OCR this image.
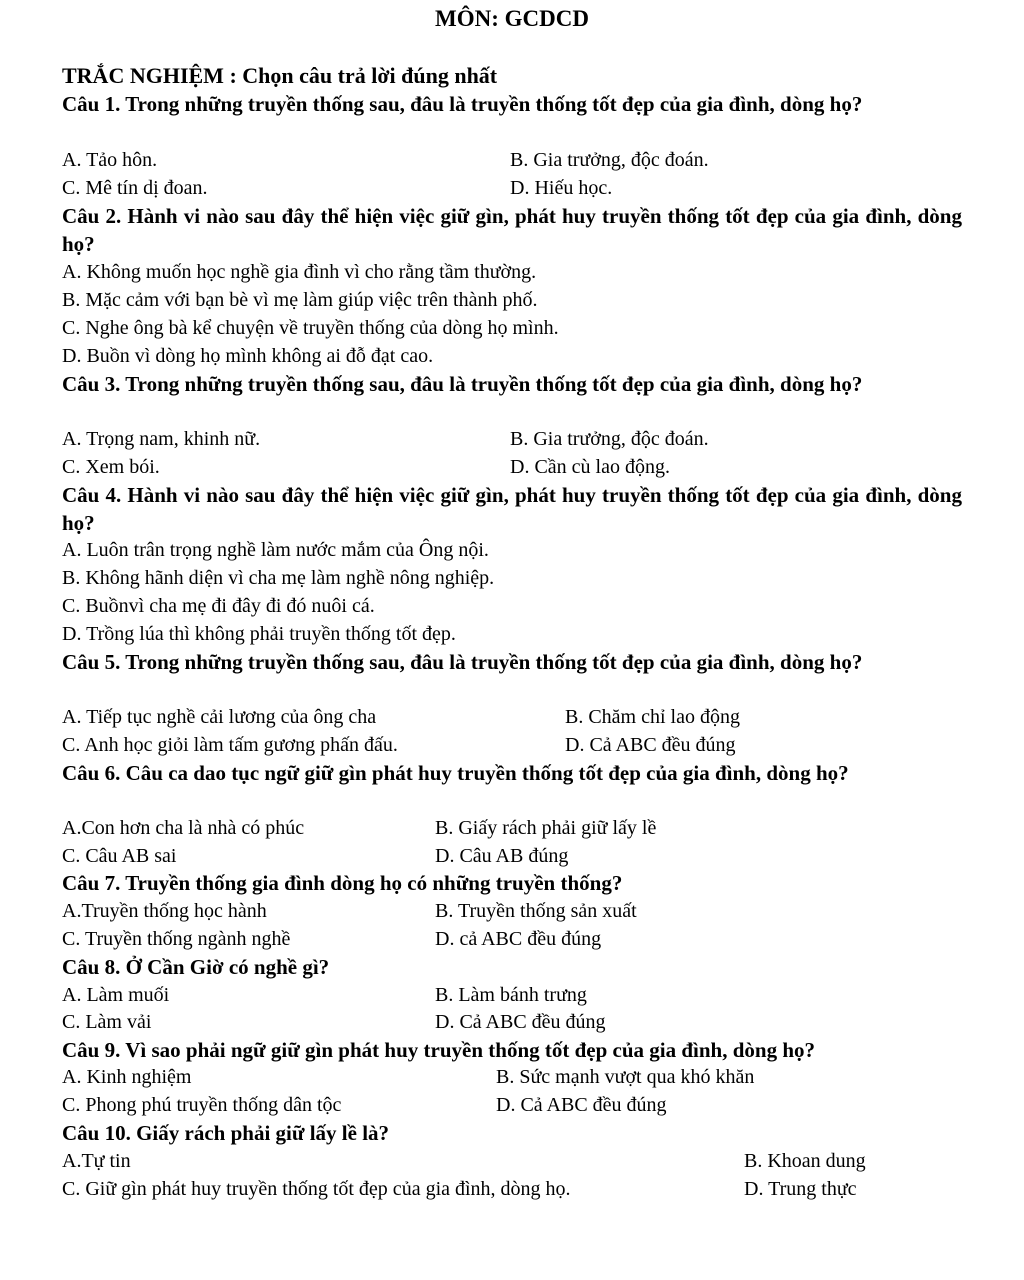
MÔN: GCDCD
TRẮC NGHIỆM : Chọn câu trả lời đúng nhất
Câu 1. Trong những truyền thống sau, đâu là truyền thống tốt đẹp của gia đình, dòng họ?
A. Tảo hôn.	B. Gia trưởng, độc đoán.
C. Mê tín dị đoan.	D. Hiếu học.
Câu 2. Hành vi nào sau đây thể hiện việc giữ gìn, phát huy truyền thống tốt đẹp của gia đình, dòng họ?
A. Không muốn học nghề gia đình vì cho rằng tầm thường.
B. Mặc cảm với bạn bè vì mẹ làm giúp việc trên thành phố.
C. Nghe ông bà kể chuyện về truyền thống của dòng họ mình.
D. Buồn vì dòng họ mình không ai đỗ đạt cao.
Câu 3. Trong những truyền thống sau, đâu là truyền thống tốt đẹp của gia đình, dòng họ?
A. Trọng nam, khinh nữ.	B. Gia trưởng, độc đoán.
C. Xem bói.	D. Cần cù lao động.
Câu 4. Hành vi nào sau đây thể hiện việc giữ gìn, phát huy truyền thống tốt đẹp của gia đình, dòng họ?
A. Luôn trân trọng nghề làm nước mắm của Ông nội.
B. Không hãnh diện vì cha mẹ làm nghề nông nghiệp.
C. Buồnvì cha mẹ đi đây đi đó nuôi cá.
D. Trồng lúa thì không phải truyền thống tốt đẹp.
Câu 5. Trong những truyền thống sau, đâu là truyền thống tốt đẹp của gia đình, dòng họ?
A. Tiếp tục nghề cải lương của ông cha	B. Chăm chỉ lao động
C. Anh học giỏi làm tấm gương phấn đấu.	D. Cả ABC đều đúng
Câu 6. Câu ca dao tục ngữ giữ gìn phát huy truyền thống tốt đẹp của gia đình, dòng họ?
A.Con hơn cha là nhà có phúc	B. Giấy rách phải giữ lấy lề
C. Câu AB sai	D. Câu AB đúng
Câu 7. Truyền thống gia đình dòng họ có những truyền thống?
A.Truyền thống học hành	B. Truyền thống sản xuất
C. Truyền thống ngành nghề	D. cả ABC đều đúng
Câu 8. Ở Cần Giờ có nghề gì?
A. Làm muối	B. Làm bánh trưng
C. Làm vải	D. Cả ABC đều đúng
Câu 9. Vì sao phải ngữ giữ gìn phát huy truyền thống tốt đẹp của gia đình, dòng họ?
A. Kinh nghiệm	B. Sức mạnh vượt qua khó khăn
C. Phong phú truyền thống dân tộc	D. Cả ABC đều đúng
Câu 10. Giấy rách phải giữ lấy lề là?
A.Tự tin	B. Khoan dung
C. Giữ gìn phát huy truyền thống tốt đẹp của gia đình, dòng họ.	D. Trung thực
